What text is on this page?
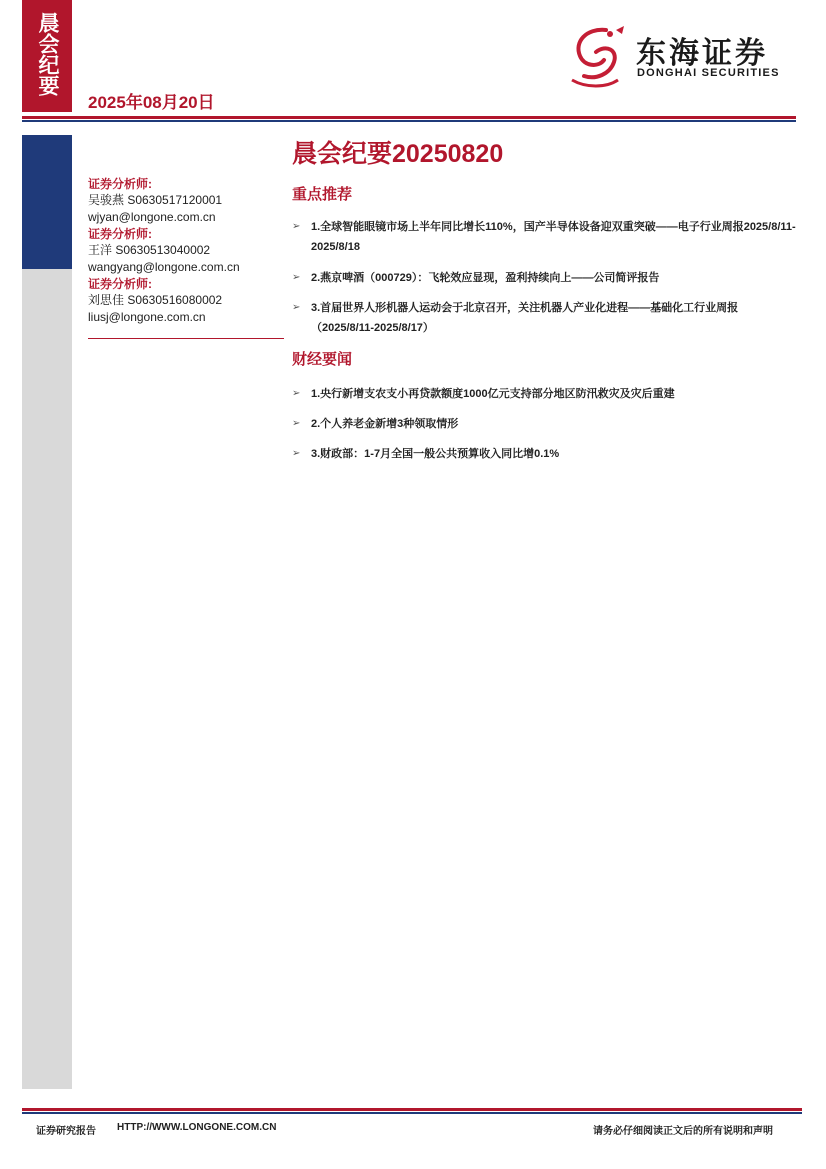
晨会纪要
2025年08月20日
东海证券
DONGHAI SECURITIES
证券分析师:
吴骏燕 S0630517120001
wjyan@longone.com.cn
证券分析师:
王洋 S0630513040002
wangyang@longone.com.cn
证券分析师:
刘思佳 S0630516080002
liusj@longone.com.cn
晨会纪要20250820
重点推荐
➢ 1.全球智能眼镜市场上半年同比增长110%，国产半导体设备迎双重突破——电子行业周报2025/8/11-2025/8/18
➢ 2.燕京啤酒（000729）：飞轮效应显现，盈利持续向上——公司简评报告
➢ 3.首届世界人形机器人运动会于北京召开，关注机器人产业化进程——基础化工行业周报（2025/8/11-2025/8/17）
财经要闻
➢ 1.央行新增支农支小再贷款额度1000亿元支持部分地区防汛救灾及灾后重建
➢ 2.个人养老金新增3种领取情形
➢ 3.财政部：1-7月全国一般公共预算收入同比增0.1%
证券研究报告 HTTP://WWW.LONGONE.COM.CN	请务必仔细阅读正文后的所有说明和声明
